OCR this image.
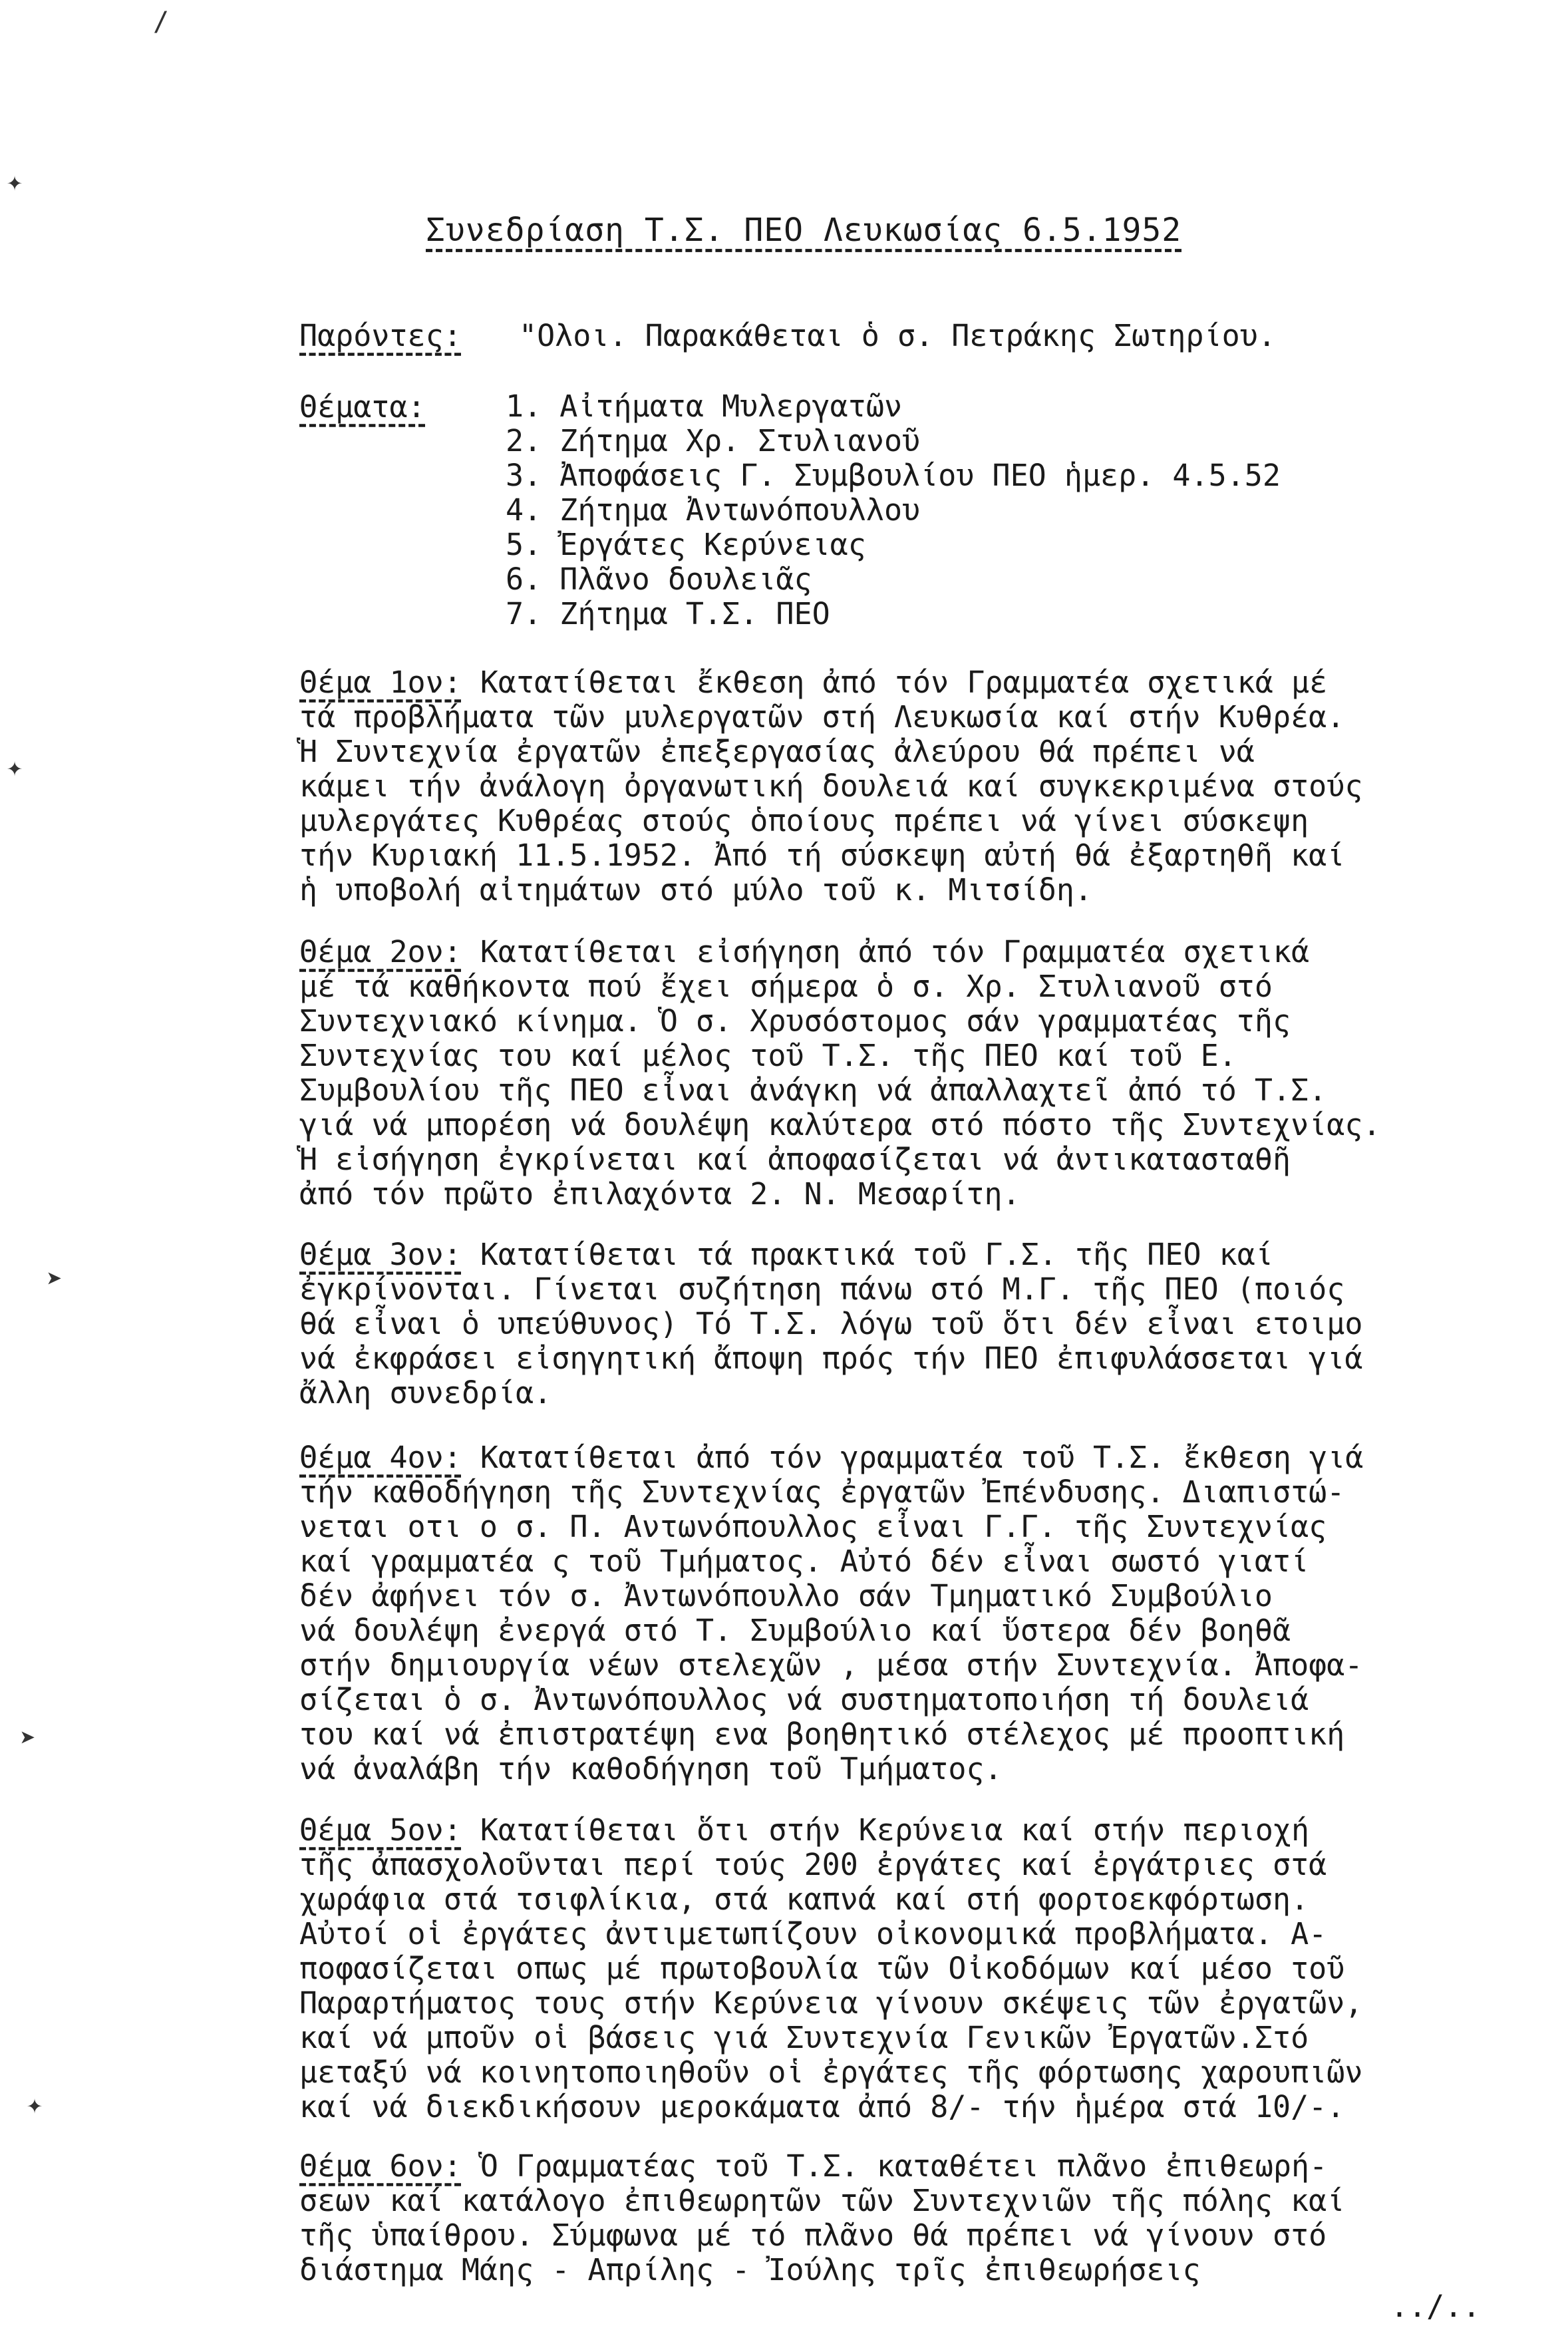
Συνεδρίαση Τ.Σ. ΠΕΟ Λευκωσίας 6.5.1952
Παρόντες: "Ολοι. Παρακάθεται ὁ σ. Πετράκης Σωτηρίου.
Θέματα:	1. Αἰτήματα Μυλεργατῶν
2. Ζήτημα Χρ. Στυλιανοῦ
3. Ἀποφάσεις Γ. Συμβουλίου ΠΕΟ ἡμερ. 4.5.52
4. Ζήτημα Ἀντωνόπουλλου
5. Ἐργάτες Κερύνειας
6. Πλᾶνο δουλειᾶς
7. Ζήτημα Τ.Σ. ΠΕΟ
Θέμα 1ον: Κατατίθεται ἔκθεση ἀπό τόν Γραμματέα σχετικά μέ
τά προβλήματα τῶν μυλεργατῶν στή Λευκωσία καί στήν Κυθρέα.
Ἡ Συντεχνία ἐργατῶν ἐπεξεργασίας ἀλεύρου θά πρέπει νά
κάμει τήν ἀνάλογη ὀργανωτική δουλειά καί συγκεκριμένα στούς
μυλεργάτες Κυθρέας στούς ὁποίους πρέπει νά γίνει σύσκεψη
τήν Κυριακή 11.5.1952. Ἀπό τή σύσκεψη αὐτή θά ἐξαρτηθῆ καί
ἡ υποβολή αἰτημάτων στό μύλο τοῦ κ. Μιτσίδη.
Θέμα 2ον: Κατατίθεται εἰσήγηση ἀπό τόν Γραμματέα σχετικά
μέ τά καθήκοντα πού ἔχει σήμερα ὁ σ. Χρ. Στυλιανοῦ στό
Συντεχνιακό κίνημα. Ὁ σ. Χρυσόστομος σάν γραμματέας τῆς
Συντεχνίας του καί μέλος τοῦ Τ.Σ. τῆς ΠΕΟ καί τοῦ Ε.
Συμβουλίου τῆς ΠΕΟ εἶναι ἀνάγκη νά ἀπαλλαχτεῖ ἀπό τό Τ.Σ.
γιά νά μπορέση νά δουλέψη καλύτερα στό πόστο τῆς Συντεχνίας.
Ἡ εἰσήγηση ἐγκρίνεται καί ἀποφασίζεται νά ἀντικατασταθῆ
ἀπό τόν πρῶτο ἐπιλαχόντα 2. Ν. Μεσαρίτη.
Θέμα 3ον: Κατατίθεται τά πρακτικά τοῦ Γ.Σ. τῆς ΠΕΟ καί
ἐγκρίνονται. Γίνεται συζήτηση πάνω στό Μ.Γ. τῆς ΠΕΟ (ποιός
θά εἶναι ὁ υπεύθυνος) Τό Τ.Σ. λόγω τοῦ ὅτι δέν εἶναι ετοιμο
νά ἐκφράσει εἰσηγητική ἄποψη πρός τήν ΠΕΟ ἐπιφυλάσσεται γιά
ἄλλη συνεδρία.
Θέμα 4ον: Κατατίθεται ἀπό τόν γραμματέα τοῦ Τ.Σ. ἔκθεση γιά
τήν καθοδήγηση τῆς Συντεχνίας ἐργατῶν Ἐπένδυσης. Διαπιστώ-
νεται οτι ο σ. Π. Αντωνόπουλλος εἶναι Γ.Γ. τῆς Συντεχνίας
καί γραμματέα ς τοῦ Τμήματος. Αὐτό δέν εἶναι σωστό γιατί
δέν ἀφήνει τόν σ. Ἀντωνόπουλλο σάν Τμηματικό Συμβούλιο
νά δουλέψη ἐνεργά στό Τ. Συμβούλιο καί ὕστερα δέν βοηθᾶ
στήν δημιουργία νέων στελεχῶν , μέσα στήν Συντεχνία. Ἀποφα-
σίζεται ὁ σ. Ἀντωνόπουλλος νά συστηματοποιήση τή δουλειά
του καί νά ἐπιστρατέψη ενα βοηθητικό στέλεχος μέ προοπτική
νά ἀναλάβη τήν καθοδήγηση τοῦ Τμήματος.
Θέμα 5ον: Κατατίθεται ὅτι στήν Κερύνεια καί στήν περιοχή
τῆς ἀπασχολοῦνται περί τούς 200 ἐργάτες καί ἐργάτριες στά
χωράφια στά τσιφλίκια, στά καπνά καί στή φορτοεκφόρτωση.
Αὐτοί οἱ ἐργάτες ἀντιμετωπίζουν οἰκονομικά προβλήματα. Α-
ποφασίζεται οπως μέ πρωτοβουλία τῶν Οἰκοδόμων καί μέσο τοῦ
Παραρτήματος τους στήν Κερύνεια γίνουν σκέψεις τῶν ἐργατῶν,
καί νά μποῦν οἱ βάσεις γιά Συντεχνία Γενικῶν Ἐργατῶν.Στό
μεταξύ νά κοινητοποιηθοῦν οἱ ἐργάτες τῆς φόρτωσης χαρουπιῶν
καί νά διεκδικήσουν μεροκάματα ἀπό 8/- τήν ἡμέρα στά 10/-.
Θέμα 6ον: Ὁ Γραμματέας τοῦ Τ.Σ. καταθέτει πλᾶνο ἐπιθεωρή-
σεων καί κατάλογο ἐπιθεωρητῶν τῶν Συντεχνιῶν τῆς πόλης καί
τῆς ὑπαίθρου. Σύμφωνα μέ τό πλᾶνο θά πρέπει νά γίνουν στό
διάστημα Μάης - Απρίλης - Ἰούλης τρῖς ἐπιθεωρήσεις
../..
/
✦
✦
➤
➤
✦
